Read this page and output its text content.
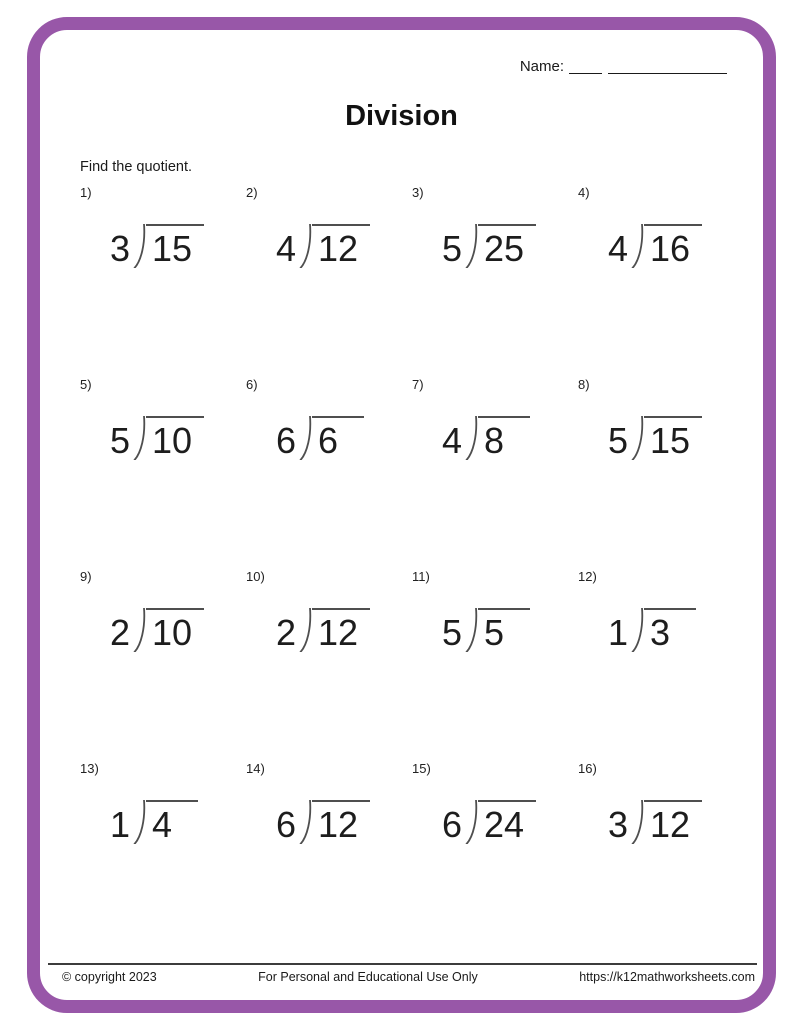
Name:
Division
Find the quotient.
1)
3 15
2)
4 12
3)
5 25
4)
4 16
5)
5 10
6)
6 6
7)
4 8
8)
5 15
9)
2 10
10)
2 12
11)
5 5
12)
1 3
13)
1 4
14)
6 12
15)
6 24
16)
3 12
© copyright 2023	For Personal and Educational Use Only	https://k12mathworksheets.com
